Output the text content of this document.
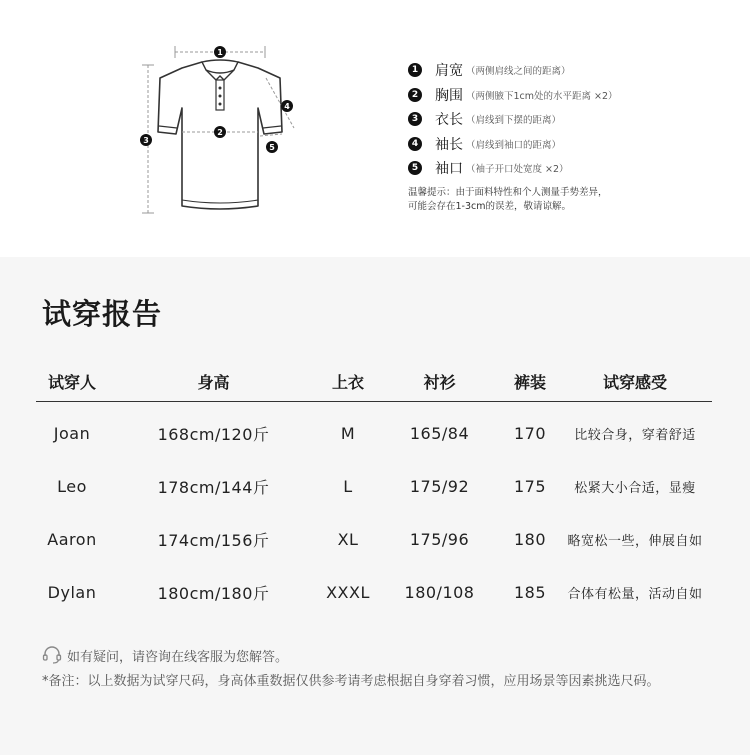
1
2
3
4
5
1 肩宽 （两侧肩线之间的距离）
2 胸围 （两侧腋下1cm处的水平距离 ×2）
3 衣长 （肩线到下摆的距离）
4 袖长 （肩线到袖口的距离）
5 袖口 （袖子开口处宽度 ×2）
温馨提示：由于面料特性和个人测量手势差异，
可能会存在1-3cm的误差，敬请谅解。
试穿报告
试穿人	身高	上衣	衬衫	裤装	试穿感受
Joan	168cm/120斤	M	165/84	170	比较合身，穿着舒适
Leo	178cm/144斤	L	175/92	175	松紧大小合适，显瘦
Aaron	174cm/156斤	XL	175/96	180	略宽松一些，伸展自如
Dylan	180cm/180斤	XXXL	180/108	185	合体有松量，活动自如
如有疑问，请咨询在线客服为您解答。
*备注：以上数据为试穿尺码，身高体重数据仅供参考请考虑根据自身穿着习惯，应用场景等因素挑选尺码。
